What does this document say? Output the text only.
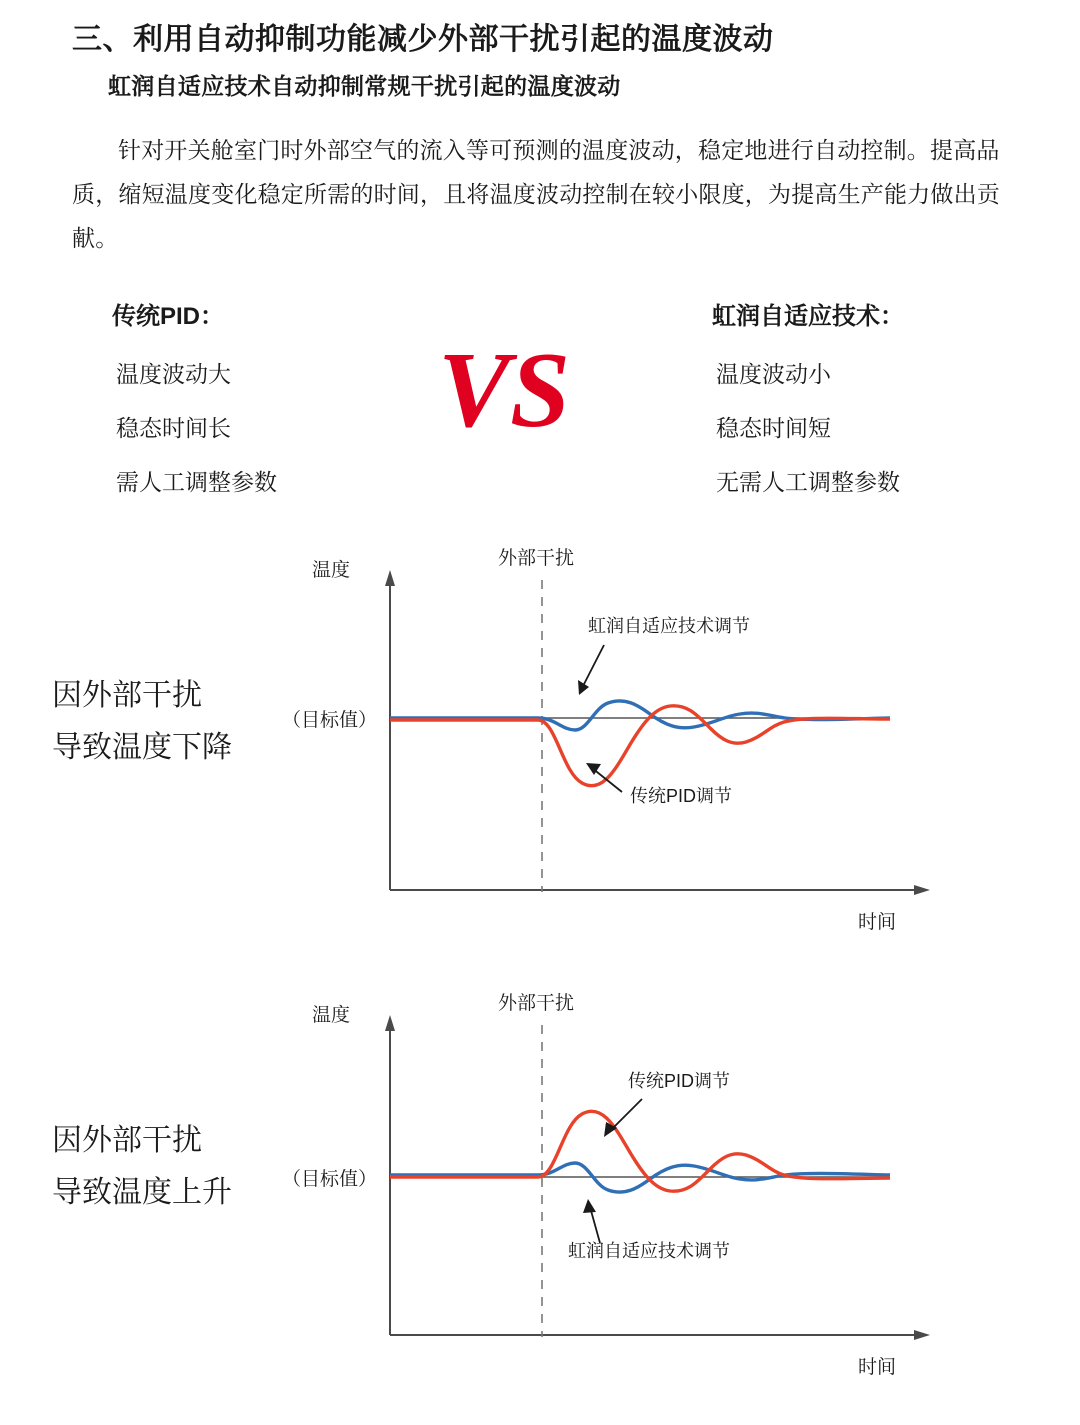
三、利用自动抑制功能减少外部干扰引起的温度波动
虹润自适应技术自动抑制常规干扰引起的温度波动
针对开关舱室门时外部空气的流入等可预测的温度波动，稳定地进行自动控制。提高品质，缩短温度变化稳定所需的时间，且将温度波动控制在较小限度，为提高生产能力做出贡献。
传统PID：
温度波动大
稳态时间长
需人工调整参数
VS
虹润自适应技术：
温度波动小
稳态时间短
无需人工调整参数
因外部干扰
导致温度下降
温度
时间
（目标值）
外部干扰
虹润自适应技术调节
传统PID调节
因外部干扰
导致温度上升
温度
时间
（目标值）
外部干扰
传统PID调节
虹润自适应技术调节
